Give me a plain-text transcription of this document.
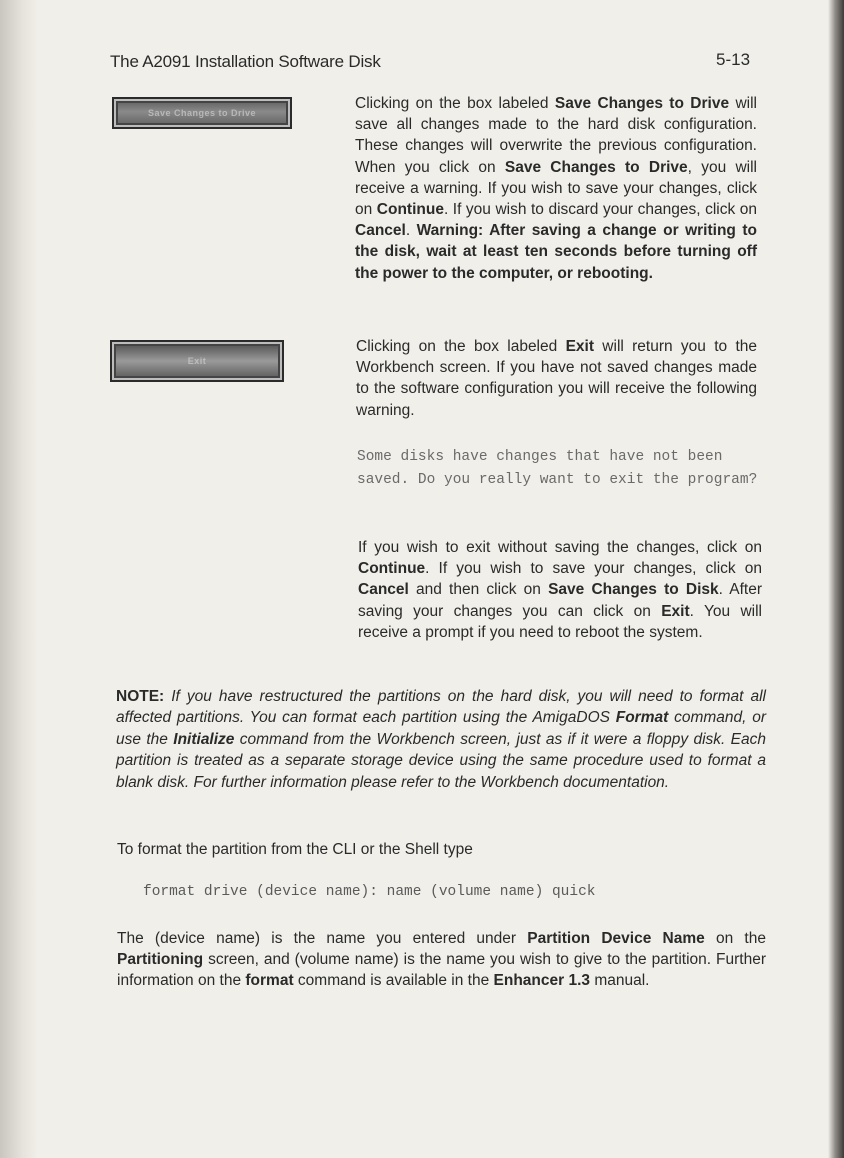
The A2091 Installation Software Disk	5-13
Save Changes to Drive

Clicking on the box labeled Save Changes to Drive will save all changes made to the hard disk configuration. These changes will overwrite the previous configuration. When you click on Save Changes to Drive, you will receive a warning. If you wish to save your changes, click on Continue. If you wish to discard your changes, click on Cancel. Warning: After saving a change or writing to the disk, wait at least ten seconds before turning off the power to the computer, or rebooting.

Exit

Clicking on the box labeled Exit will return you to the Workbench screen. If you have not saved changes made to the software configuration you will receive the following warning.

Some disks have changes that have not been saved. Do you really want to exit the program?

If you wish to exit without saving the changes, click on Continue. If you wish to save your changes, click on Cancel and then click on Save Changes to Disk. After saving your changes you can click on Exit. You will receive a prompt if you need to reboot the system.

NOTE: If you have restructured the partitions on the hard disk, you will need to format all affected partitions. You can format each partition using the AmigaDOS Format command, or use the Initialize command from the Workbench screen, just as if it were a floppy disk. Each partition is treated as a separate storage device using the same procedure used to format a blank disk. For further information please refer to the Workbench documentation.

To format the partition from the CLI or the Shell type

format drive (device name): name (volume name) quick

The (device name) is the name you entered under Partition Device Name on the Partitioning screen, and (volume name) is the name you wish to give to the partition. Further information on the format command is available in the Enhancer 1.3 manual.
